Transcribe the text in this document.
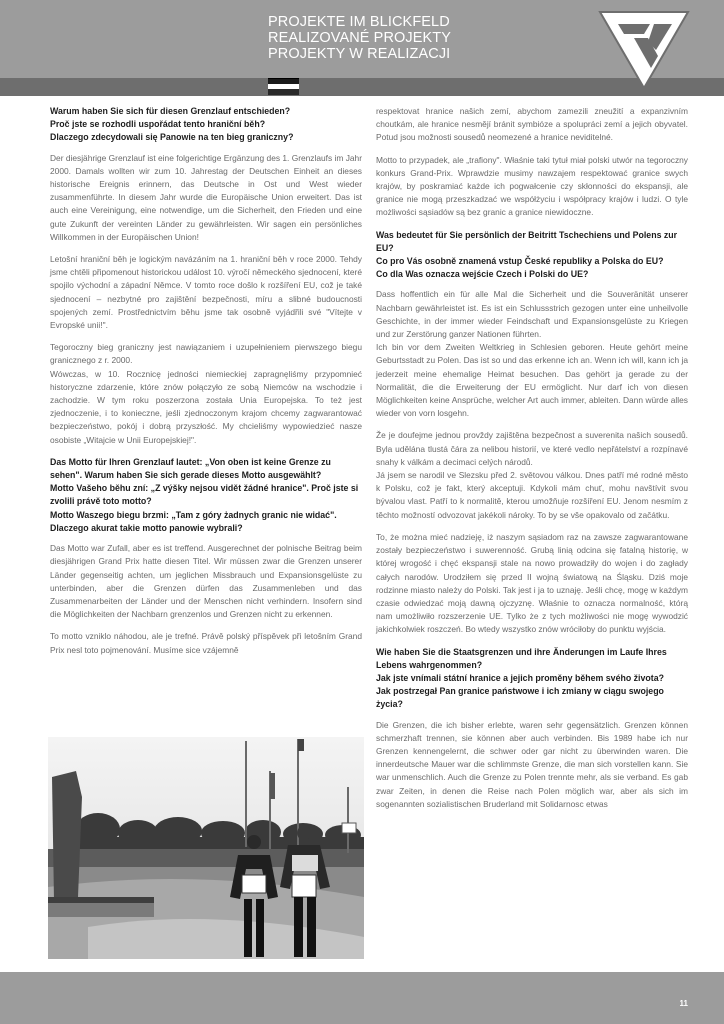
PROJEKTE IM BLICKFELD
REALIZOVANÉ PROJEKTY
PROJEKTY W REALIZACJI
Warum haben Sie sich für diesen Grenzlauf entschieden?
Proč jste se rozhodli uspořádat tento hraniční běh?
Dlaczego zdecydowali się Panowie na ten bieg graniczny?
Der diesjährige Grenzlauf ist eine folgerichtige Ergänzung des 1. Grenzlaufs im Jahr 2000. Damals wollten wir zum 10. Jahrestag der Deutschen Einheit an dieses historische Ereignis erinnern, das Deutsche in Ost und West wieder zusammenführte. In diesem Jahr wurde die Europäische Union erweitert. Das ist auch eine Vereinigung, eine notwendige, um die Sicherheit, den Frieden und eine gute Zukunft der vereinten Länder zu gewährleisten. Wir sagen ein persönliches Willkommen in der Europäischen Union!
Letošní hraniční běh je logickým navázáním na 1. hraniční běh v roce 2000. Tehdy jsme chtěli připomenout historickou událost 10. výročí německého sjednocení, které spojilo východní a západní Němce. V tomto roce došlo k rozšíření EU, což je také sjednocení – nezbytné pro zajištění bezpečnosti, míru a slibné budoucnosti spojených zemí. Prostřednictvím běhu jsme tak osobně vyjádřili své "Vítejte v Evropské unii!".
Tegoroczny bieg graniczny jest nawiązaniem i uzupełnieniem pierwszego biegu granicznego z r. 2000.
Wówczas, w 10. Rocznicę jedności niemieckiej zapragnęliśmy przypomnieć historyczne zdarzenie, które znów połączyło ze sobą Niemców na wschodzie i zachodzie. W tym roku poszerzona została Unia Europejska. To też jest zjednoczenie, i to konieczne, jeśli zjednoczonym krajom chcemy zagwarantować bezpieczeństwo, pokój i dobrą przyszłość. My chcieliśmy wypowiedzieć nasze osobiste „Witajcie w Unii Europejskiej!".
Das Motto für Ihren Grenzlauf lautet: „Von oben ist keine Grenze zu sehen". Warum haben Sie sich gerade dieses Motto ausgewählt?
Motto Vašeho běhu zní: „Z výšky nejsou vidět žádné hranice". Proč jste si zvolili právě toto motto?
Motto Waszego biegu brzmi: „Tam z góry żadnych granic nie widać". Dlaczego akurat takie motto panowie wybrali?
Das Motto war Zufall, aber es ist treffend. Ausgerechnet der polnische Beitrag beim diesjährigen Grand Prix hatte diesen Titel. Wir müssen zwar die Grenzen unserer Länder gegenseitig achten, um jeglichen Missbrauch und Expansionsgelüste zu unterbinden, aber die Grenzen dürfen das Zusammenleben und das Zusammenarbeiten der Länder und der Menschen nicht verhindern. Insofern sind die Möglichkeiten der Nachbarn grenzenlos und Grenzen nicht zu erkennen.
To motto vzniklo náhodou, ale je trefné. Právě polský příspěvek při letošním Grand Prix nesl toto pojmenování. Musíme sice vzájemně
respektovat hranice našich zemí, abychom zamezili zneužití a expanzivním choutkám, ale hranice nesmějí bránit symbióze a spolupráci zemí a jejich obyvatel. Potud jsou možnosti sousedů neomezené a hranice neviditelné.
Motto to przypadek, ale „trafiony". Właśnie taki tytuł miał polski utwór na tegoroczny konkurs Grand-Prix. Wprawdzie musimy nawzajem respektować granice swych krajów, by poskramiać każde ich pogwałcenie czy skłonności do ekspansji, ale granice nie mogą przeszkadzać we współżyciu i współpracy krajów i ludzi. O tyle możliwości sąsiadów są bez granic a granice niewidoczne.
Was bedeutet für Sie persönlich der Beitritt Tschechiens und Polens zur EU?
Co pro Vás osobně znamená vstup České republiky a Polska do EU?
Co dla Was oznacza wejście Czech i Polski do UE?
Dass hoffentlich ein für alle Mal die Sicherheit und die Souveränität unserer Nachbarn gewährleistet ist. Es ist ein Schlussstrich gezogen unter eine unheilvolle Geschichte, in der immer wieder Feindschaft und Expansionsgelüste zu Kriegen und zur Zerstörung ganzer Nationen führten.
Ich bin vor dem Zweiten Weltkrieg in Schlesien geboren. Heute gehört meine Geburtsstadt zu Polen. Das ist so und das erkenne ich an. Wenn ich will, kann ich ja jederzeit meine ehemalige Heimat besuchen. Das gehört ja gerade zu der Normalität, die die Erweiterung der EU ermöglicht. Nur darf ich von diesen Möglichkeiten keine Ansprüche, welcher Art auch immer, ableiten. Dann würde alles wieder von vorn losgehn.
Že je doufejme jednou provždy zajištěna bezpečnost a suverenita našich sousedů. Byla udělána tlustá čára za nelibou historií, ve které vedlo nepřátelství a rozpínavé snahy k válkám a decimaci celých národů.
Já jsem se narodil ve Slezsku před 2. světovou válkou. Dnes patří mé rodné město k Polsku, což je fakt, který akceptuji. Kdykoli mám chuť, mohu navštívit svou bývalou vlast. Patří to k normalitě, kterou umožňuje rozšíření EU. Jenom nesmím z těchto možností odvozovat jakékoli nároky. To by se vše opakovalo od začátku.
To, że można mieć nadzieję, iż naszym sąsiadom raz na zawsze zagwarantowane zostały bezpieczeństwo i suwerenność. Grubą linią odcina się fatalną historię, w której wrogość i chęć ekspansji stale na nowo prowadziły do wojen i do zagłady całych narodów. Urodziłem się przed II wojną światową na Śląsku. Dziś moje rodzinne miasto należy do Polski. Tak jest i ja to uznaję. Jeśli chcę, mogę w każdym czasie odwiedzać moją dawną ojczyznę. Właśnie to oznacza normalność, którą nam umożliwiło rozszerzenie UE. Tylko że z tych możliwości nie mogę wywodzić jakichkolwiek roszczeń. Bo wtedy wszystko znów wróciłoby do punktu wyjścia.
Wie haben Sie die Staatsgrenzen und ihre Änderungen im Laufe Ihres Lebens wahrgenommen?
Jak jste vnímali státní hranice a jejich proměny během svého života?
Jak postrzegał Pan granice państwowe i ich zmiany w ciągu swojego życia?
Die Grenzen, die ich bisher erlebte, waren sehr gegensätzlich. Grenzen können schmerzhaft trennen, sie können aber auch verbinden. Bis 1989 habe ich nur Grenzen kennengelernt, die schwer oder gar nicht zu überwinden waren. Die innerdeutsche Mauer war die schlimmste Grenze, die man sich vorstellen kann. Sie war unmenschlich. Auch die Grenze zu Polen trennte mehr, als sie verband. Es gab zwar Zeiten, in denen die Reise nach Polen möglich war, aber als sich im sogenannten sozialistischen Bruderland mit Solidarnosc etwas
11
